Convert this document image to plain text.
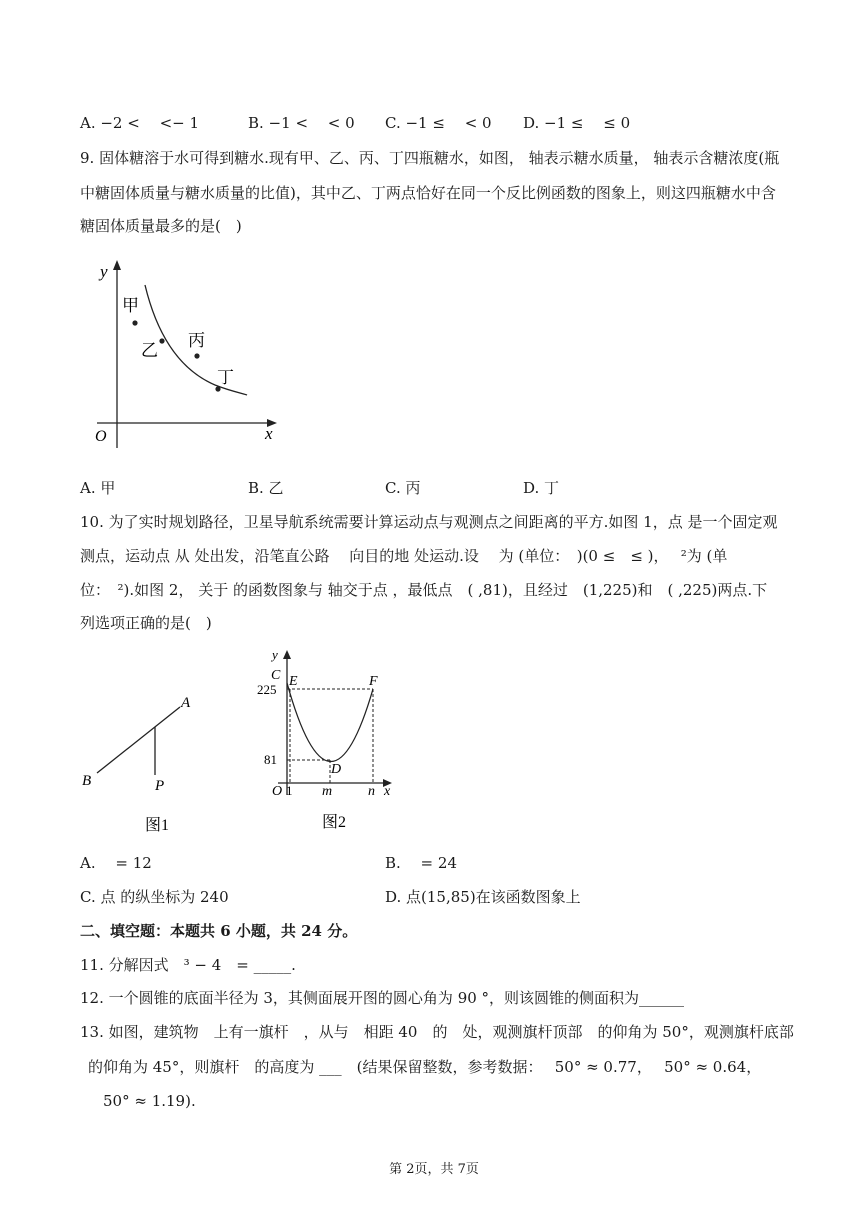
A. −2 <　 <− 1	B. −1 <　 < 0 C. −1 ≤　 < 0 D. −1 ≤　 ≤ 0
9. 固体糖溶于水可得到糖水.现有甲、乙、丙、丁四瓶糖水，如图， 轴表示糖水质量， 轴表示含糖浓度(瓶
中糖固体质量与糖水质量的比值)，其中乙、丁两点恰好在同一个反比例函数的图象上，则这四瓶糖水中含
糖固体质量最多的是(　)
y
x
O
甲
乙
丙
丁
A. 甲	B. 乙	C. 丙	D. 丁
10. 为了实时规划路径，卫星导航系统需要计算运动点与观测点之间距离的平方.如图 1，点 是一个固定观
测点，运动点 从 处出发，沿笔直公路　 向目的地 处运动.设　 为 (单位：　)(0 ≤　≤ )，　 ²为 (单
位：　²).如图 2， 关于 的函数图象与 轴交于点 ，最低点　( ,81)，且经过　(1,225)和　( ,225)两点.下
列选项正确的是(　)
A
B	P
图1
y
C E	F
D
O 1 m	n x
225
81
图2
A. 　= 12	B. 　= 24
C. 点 的纵坐标为 240	D. 点(15,85)在该函数图象上
二、填空题：本题共 6 小题，共 24 分。
11. 分解因式　³ − 4　= _____.
12. 一个圆锥的底面半径为 3，其侧面展开图的圆心角为 90 °，则该圆锥的侧面积为______
13. 如图，建筑物　上有一旗杆　，从与　相距 40　的　处，观测旗杆顶部　的仰角为 50°，观测旗杆底部
的仰角为 45°，则旗杆　的高度为 ___　(结果保留整数，参考数据：　 50° ≈ 0.77，　 50° ≈ 0.64，
50° ≈ 1.19).
第 2页，共 7页
